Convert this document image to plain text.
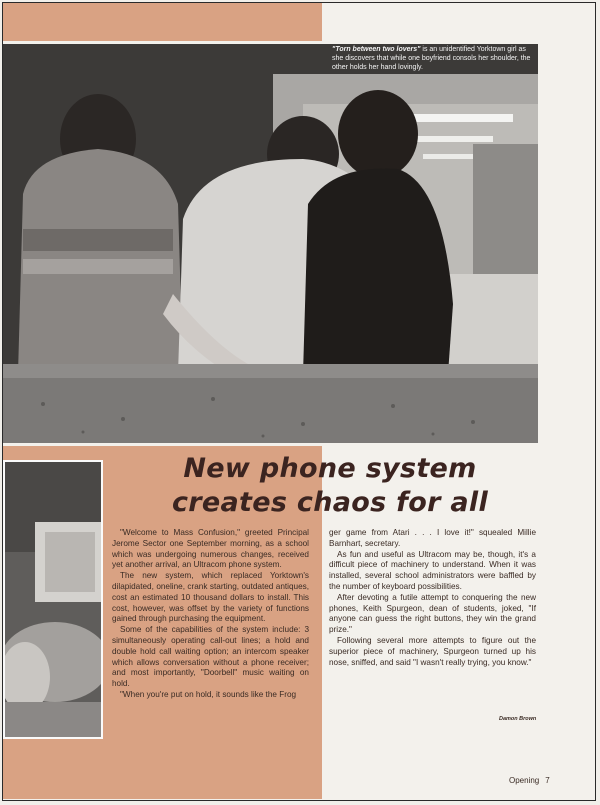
"Torn between two lovers" is an unidentified Yorktown girl as she discovers that while one boyfriend consols her shoulder, the other holds her hand lovingly.
New phone system
creates chaos for all

"Welcome to Mass Confusion," greeted Principal Jerome Sector one September morning, as a school which was undergoing numerous changes, received yet another arrival, an Ultracom phone system.

The new system, which replaced Yorktown's dilapidated, oneline, crank starting, outdated antiques, cost an estimated 10 thousand dollars to install. This cost, however, was offset by the variety of functions gained through purchasing the equipment.

Some of the capabilities of the system include: 3 simultaneously operating call-out lines; a hold and double hold call waiting option; an intercom speaker which allows conversation without a phone receiver; and most importantly, "Doorbell" music waiting on hold.

"When you're put on hold, it sounds like the Frog

ger game from Atari . . . I love it!" squealed Millie Barnhart, secretary.

As fun and useful as Ultracom may be, though, it's a difficult piece of machinery to understand. When it was installed, several school administrators were baffled by the number of keyboard possibilities.

After devoting a futile attempt to conquering the new phones, Keith Spurgeon, dean of students, joked, "If anyone can guess the right buttons, they win the grand prize."

Following several more attempts to figure out the superior piece of machinery, Spurgeon turned up his nose, sniffed, and said "I wasn't really trying, you know."

Damon Brown
Opening 7
